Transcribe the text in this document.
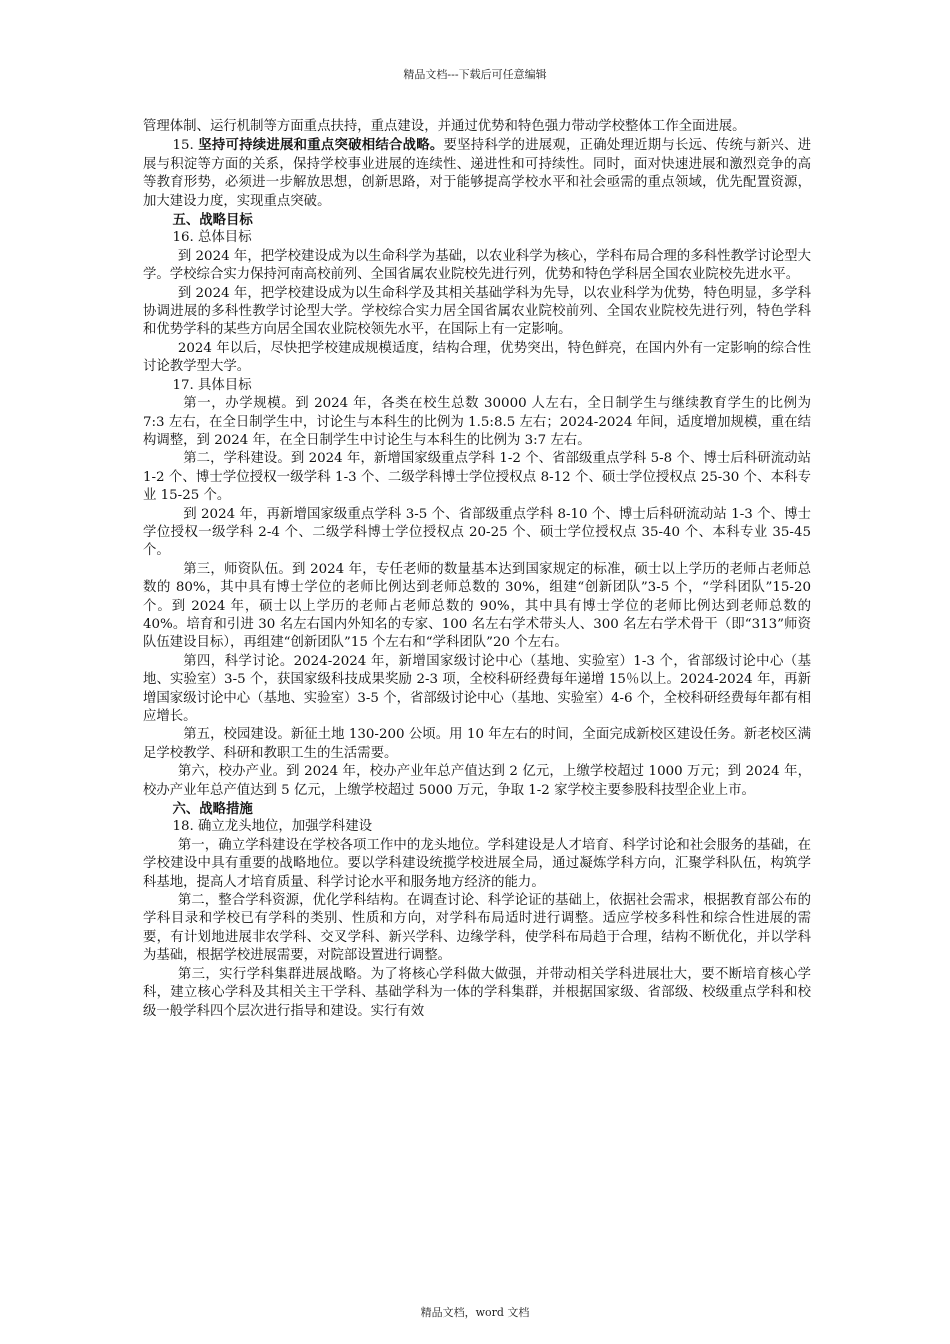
精品文档---下载后可任意编辑

管理体制、运行机制等方面重点扶持，重点建设，并通过优势和特色强力带动学校整体工作全面进展。

15. 坚持可持续进展和重点突破相结合战略。要坚持科学的进展观，正确处理近期与长远、传统与新兴、进展与积淀等方面的关系，保持学校事业进展的连续性、递进性和可持续性。同时，面对快速进展和激烈竞争的高等教育形势，必须进一步解放思想，创新思路，对于能够提高学校水平和社会亟需的重点领域，优先配置资源，加大建设力度，实现重点突破。

五、战略目标

16. 总体目标

到 2024 年，把学校建设成为以生命科学为基础，以农业科学为核心，学科布局合理的多科性教学讨论型大学。学校综合实力保持河南高校前列、全国省属农业院校先进行列，优势和特色学科居全国农业院校先进水平。

到 2024 年，把学校建设成为以生命科学及其相关基础学科为先导，以农业科学为优势，特色明显，多学科协调进展的多科性教学讨论型大学。学校综合实力居全国省属农业院校前列、全国农业院校先进行列，特色学科和优势学科的某些方向居全国农业院校领先水平，在国际上有一定影响。

2024 年以后，尽快把学校建成规模适度，结构合理，优势突出，特色鲜亮，在国内外有一定影响的综合性讨论教学型大学。

17. 具体目标

第一，办学规模。到 2024 年，各类在校生总数 30000 人左右，全日制学生与继续教育学生的比例为 7:3 左右，在全日制学生中，讨论生与本科生的比例为 1.5:8.5 左右；2024-2024 年间，适度增加规模，重在结构调整，到 2024 年，在全日制学生中讨论生与本科生的比例为 3:7 左右。

第二，学科建设。到 2024 年，新增国家级重点学科 1-2 个、省部级重点学科 5-8 个、博士后科研流动站 1-2 个、博士学位授权一级学科 1-3 个、二级学科博士学位授权点 8-12 个、硕士学位授权点 25-30 个、本科专业 15-25 个。

到 2024 年，再新增国家级重点学科 3-5 个、省部级重点学科 8-10 个、博士后科研流动站 1-3 个、博士学位授权一级学科 2-4 个、二级学科博士学位授权点 20-25 个、硕士学位授权点 35-40 个、本科专业 35-45 个。

第三，师资队伍。到 2024 年，专任老师的数量基本达到国家规定的标准，硕士以上学历的老师占老师总数的 80%，其中具有博士学位的老师比例达到老师总数的 30%，组建“创新团队”3-5 个，“学科团队”15-20 个。到 2024 年，硕士以上学历的老师占老师总数的 90%，其中具有博士学位的老师比例达到老师总数的 40%。培育和引进 30 名左右国内外知名的专家、100 名左右学术带头人、300 名左右学术骨干（即“313”师资队伍建设目标），再组建“创新团队”15 个左右和“学科团队”20 个左右。

第四，科学讨论。2024-2024 年，新增国家级讨论中心（基地、实验室）1-3 个，省部级讨论中心（基地、实验室）3-5 个，获国家级科技成果奖励 2-3 项，全校科研经费每年递增 15％以上。2024-2024 年，再新增国家级讨论中心（基地、实验室）3-5 个，省部级讨论中心（基地、实验室）4-6 个，全校科研经费每年都有相应增长。

第五，校园建设。新征土地 130-200 公顷。用 10 年左右的时间，全面完成新校区建设任务。新老校区满足学校教学、科研和教职工生的生活需要。

第六，校办产业。到 2024 年，校办产业年总产值达到 2 亿元，上缴学校超过 1000 万元；到 2024 年，校办产业年总产值达到 5 亿元，上缴学校超过 5000 万元，争取 1-2 家学校主要参股科技型企业上市。

六、战略措施

18. 确立龙头地位，加强学科建设

第一，确立学科建设在学校各项工作中的龙头地位。学科建设是人才培育、科学讨论和社会服务的基础，在学校建设中具有重要的战略地位。要以学科建设统揽学校进展全局，通过凝炼学科方向，汇聚学科队伍，构筑学科基地，提高人才培育质量、科学讨论水平和服务地方经济的能力。

第二，整合学科资源，优化学科结构。在调查讨论、科学论证的基础上，依据社会需求，根据教育部公布的学科目录和学校已有学科的类别、性质和方向，对学科布局适时进行调整。适应学校多科性和综合性进展的需要，有计划地进展非农学科、交叉学科、新兴学科、边缘学科，使学科布局趋于合理，结构不断优化，并以学科为基础，根据学校进展需要，对院部设置进行调整。

第三，实行学科集群进展战略。为了将核心学科做大做强，并带动相关学科进展壮大，要不断培育核心学科，建立核心学科及其相关主干学科、基础学科为一体的学科集群，并根据国家级、省部级、校级重点学科和校级一般学科四个层次进行指导和建设。实行有效

精品文档，word 文档
